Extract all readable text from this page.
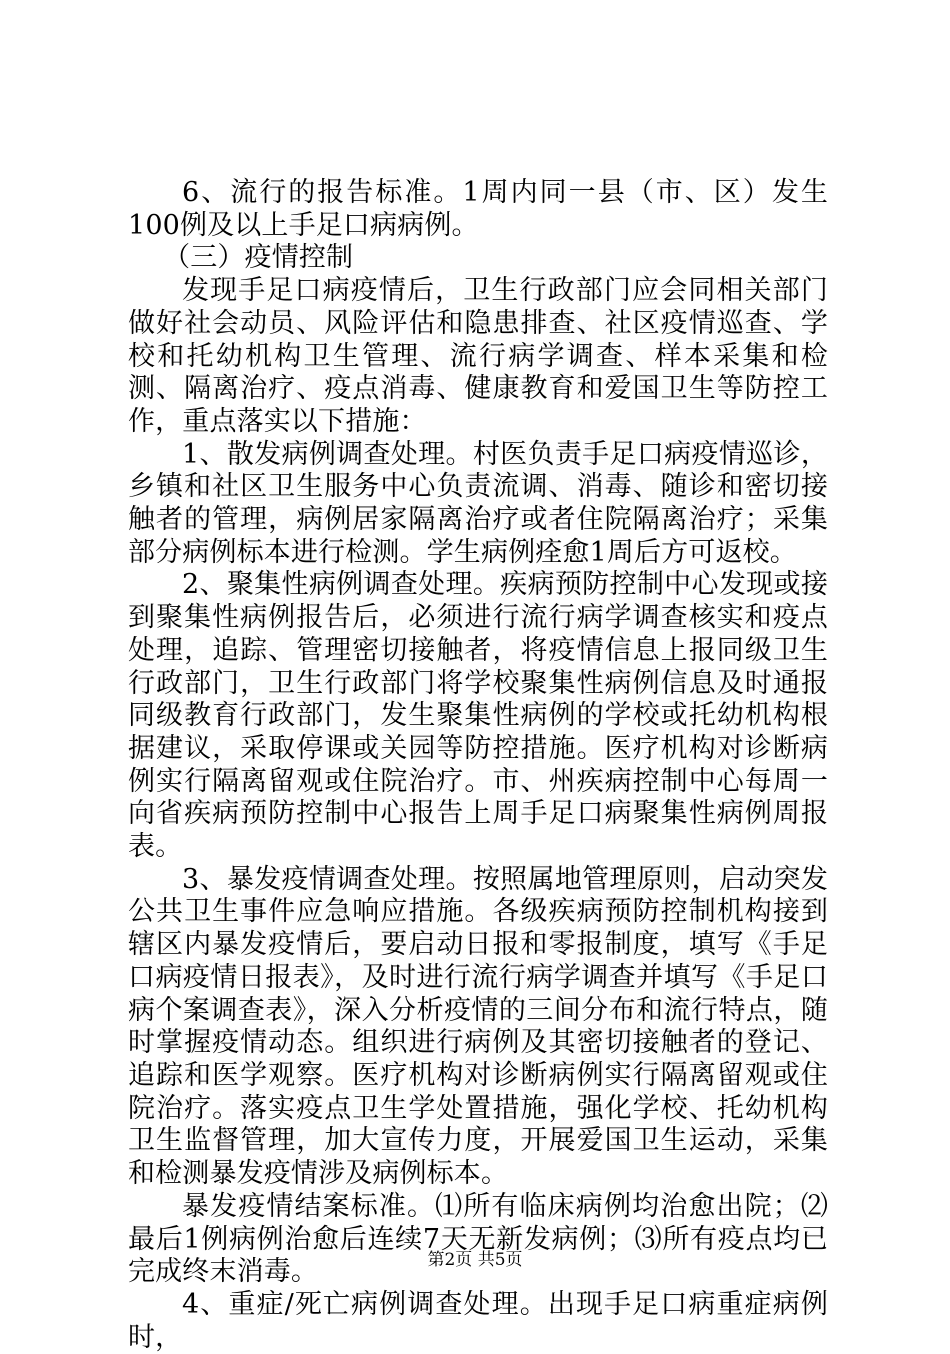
6、流行的报告标准。1周内同一县（市、区）发生100例及以上手足口病病例。

（三）疫情控制

发现手足口病疫情后，卫生行政部门应会同相关部门做好社会动员、风险评估和隐患排查、社区疫情巡查、学校和托幼机构卫生管理、流行病学调查、样本采集和检测、隔离治疗、疫点消毒、健康教育和爱国卫生等防控工作，重点落实以下措施：

1、散发病例调查处理。村医负责手足口病疫情巡诊，乡镇和社区卫生服务中心负责流调、消毒、随诊和密切接触者的管理，病例居家隔离治疗或者住院隔离治疗；采集部分病例标本进行检测。学生病例痊愈1周后方可返校。

2、聚集性病例调查处理。疾病预防控制中心发现或接到聚集性病例报告后，必须进行流行病学调查核实和疫点处理，追踪、管理密切接触者，将疫情信息上报同级卫生行政部门，卫生行政部门将学校聚集性病例信息及时通报同级教育行政部门，发生聚集性病例的学校或托幼机构根据建议，采取停课或关园等防控措施。医疗机构对诊断病例实行隔离留观或住院治疗。市、州疾病控制中心每周一向省疾病预防控制中心报告上周手足口病聚集性病例周报表。

3、暴发疫情调查处理。按照属地管理原则，启动突发公共卫生事件应急响应措施。各级疾病预防控制机构接到辖区内暴发疫情后，要启动日报和零报制度，填写《手足口病疫情日报表》，及时进行流行病学调查并填写《手足口病个案调查表》，深入分析疫情的三间分布和流行特点，随时掌握疫情动态。组织进行病例及其密切接触者的登记、追踪和医学观察。医疗机构对诊断病例实行隔离留观或住院治疗。落实疫点卫生学处置措施，强化学校、托幼机构卫生监督管理，加大宣传力度，开展爱国卫生运动，采集和检测暴发疫情涉及病例标本。

暴发疫情结案标准。⑴所有临床病例均治愈出院；⑵最后1例病例治愈后连续7天无新发病例；⑶所有疫点均已完成终末消毒。

4、重症/死亡病例调查处理。出现手足口病重症病例时，

第2页 共5页
